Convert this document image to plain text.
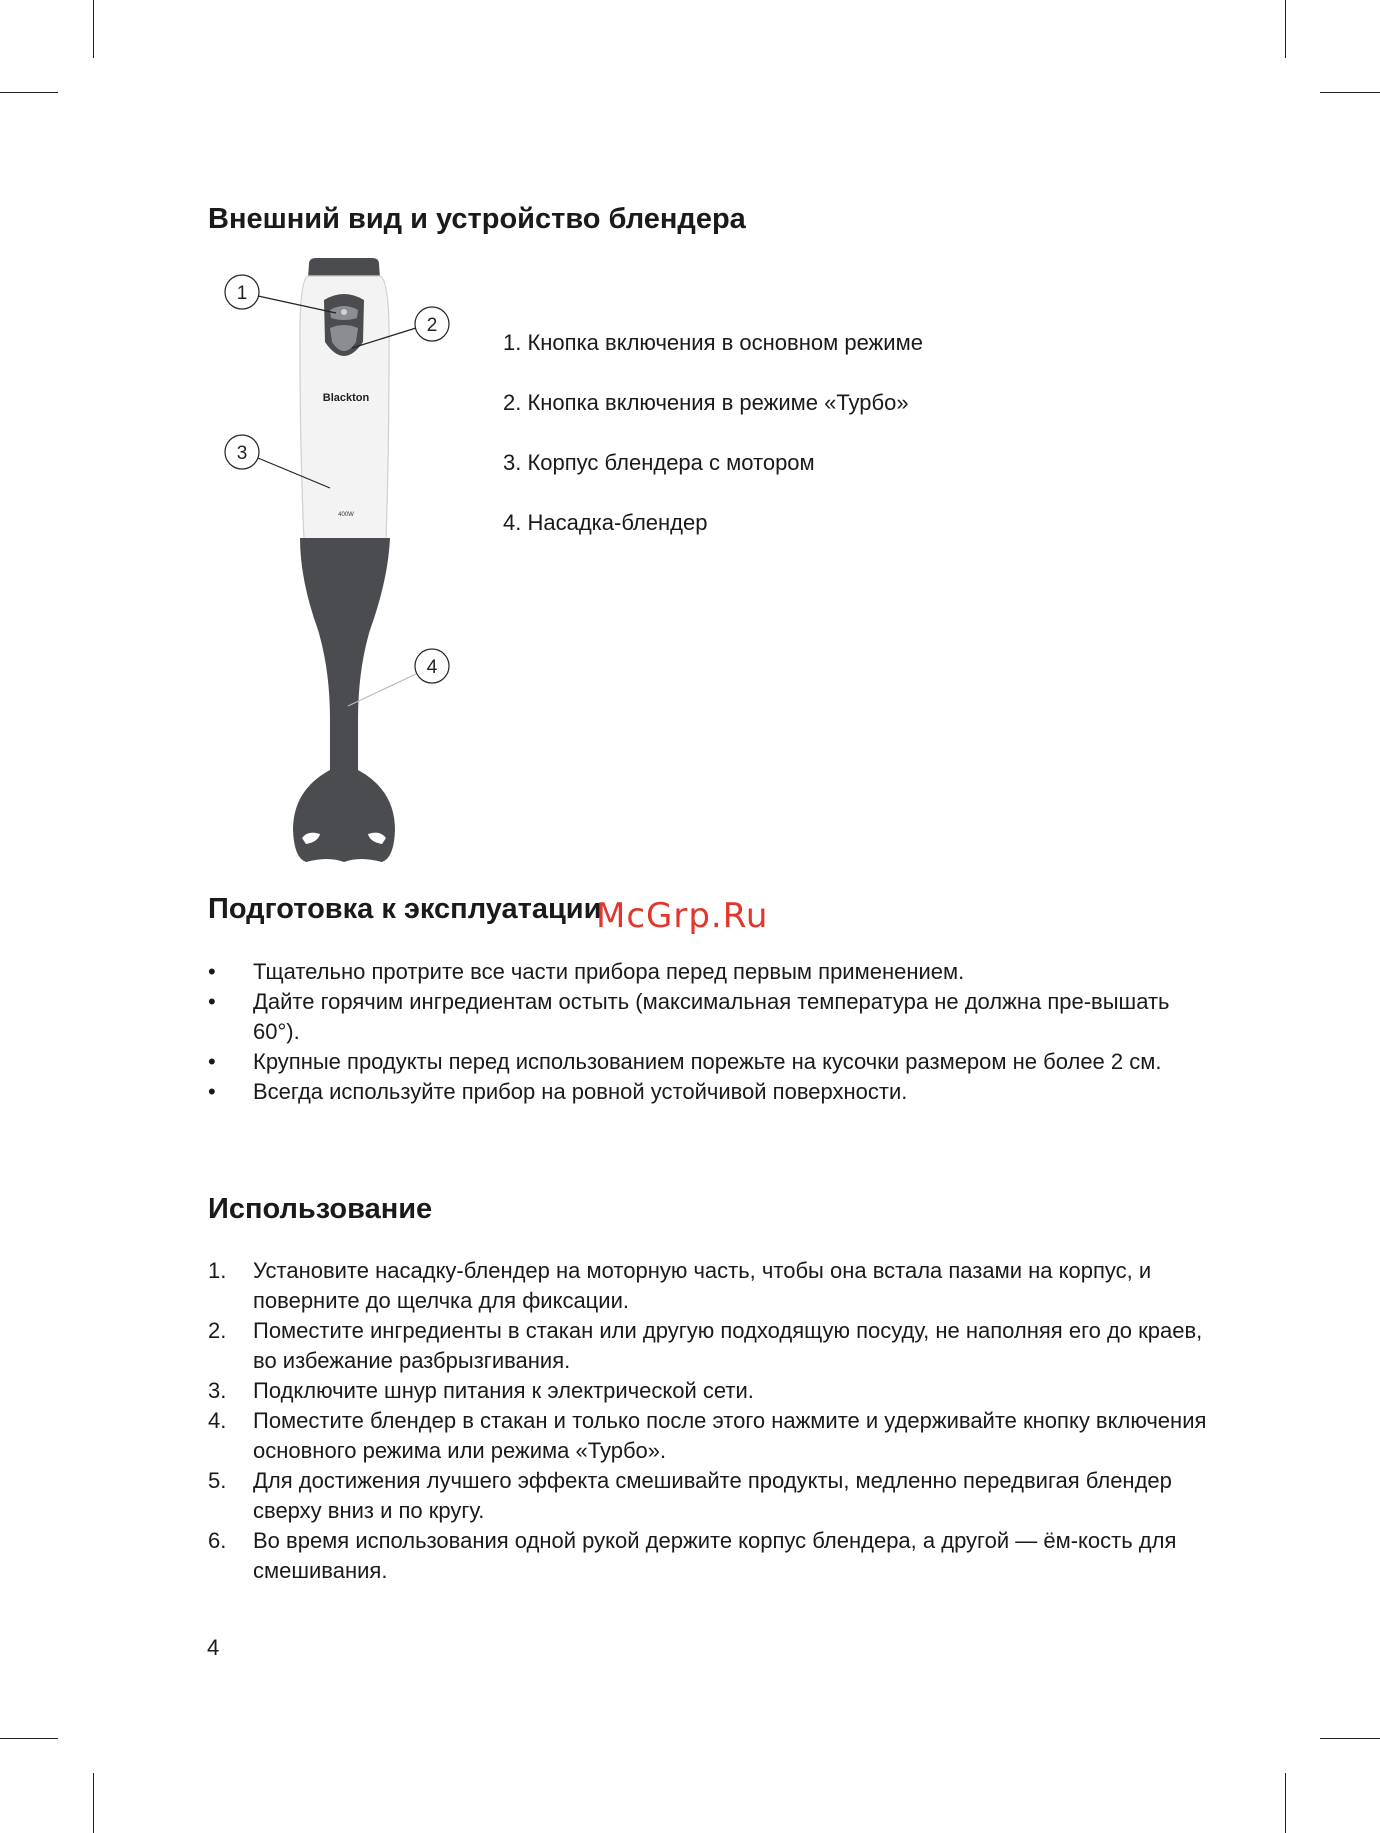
Внешний вид и устройство блендера
Blackton
400W
1
2
3
4
1. Кнопка включения в основном режиме
2. Кнопка включения в режиме «Турбо»
3. Корпус блендера с мотором
4. Насадка-блендер
Подготовка к эксплуатации
McGrp.Ru
• Тщательно протрите все части прибора перед первым применением.
• Дайте горячим ингредиентам остыть (максимальная температура не должна пре-вышать 60°).
• Крупные продукты перед использованием порежьте на кусочки размером не более 2 см.
• Всегда используйте прибор на ровной устойчивой поверхности.
Использование
1. Установите насадку-блендер на моторную часть, чтобы она встала пазами на корпус, и поверните до щелчка для фиксации.
2. Поместите ингредиенты в стакан или другую подходящую посуду, не наполняя его до краев, во избежание разбрызгивания.
3. Подключите шнур питания к электрической сети.
4. Поместите блендер в стакан и только после этого нажмите и удерживайте кнопку включения основного режима или режима «Турбо».
5. Для достижения лучшего эффекта смешивайте продукты, медленно передвигая блендер сверху вниз и по кругу.
6. Во время использования одной рукой держите корпус блендера, а другой — ём-кость для смешивания.
4
